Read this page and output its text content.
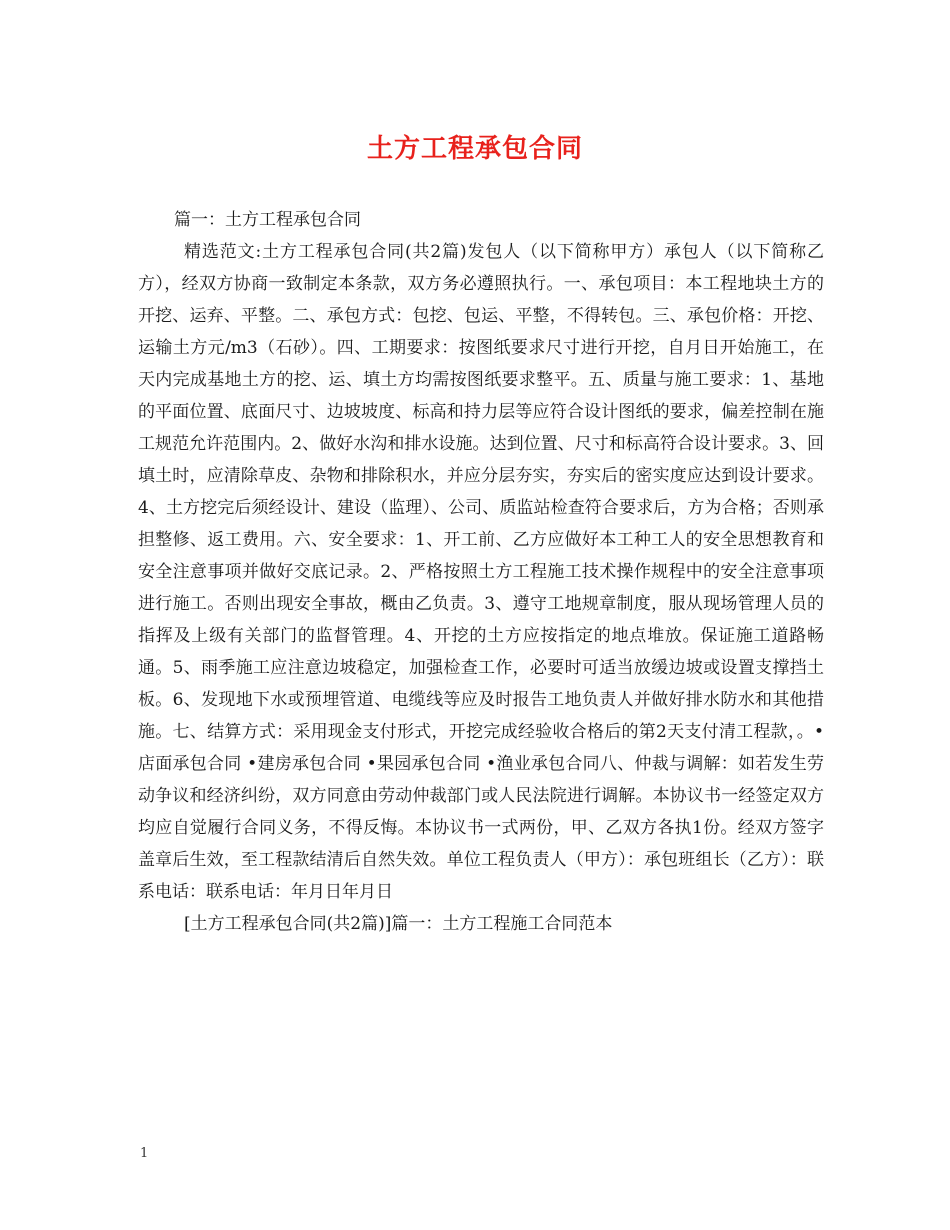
土方工程承包合同

篇一：土方工程承包合同

精选范文:土方工程承包合同(共2篇)发包人（以下简称甲方）承包人（以下简称乙方），经双方协商一致制定本条款，双方务必遵照执行。一、承包项目：本工程地块土方的开挖、运弃、平整。二、承包方式：包挖、包运、平整，不得转包。三、承包价格：开挖、运输土方元/m3（石砂）。四、工期要求：按图纸要求尺寸进行开挖，自月日开始施工，在天内完成基地土方的挖、运、填土方均需按图纸要求整平。五、质量与施工要求：1、基地的平面位置、底面尺寸、边坡坡度、标高和持力层等应符合设计图纸的要求，偏差控制在施工规范允许范围内。2、做好水沟和排水设施。达到位置、尺寸和标高符合设计要求。3、回填土时，应清除草皮、杂物和排除积水，并应分层夯实，夯实后的密实度应达到设计要求。4、土方挖完后须经设计、建设（监理）、公司、质监站检查符合要求后，方为合格；否则承担整修、返工费用。六、安全要求：1、开工前、乙方应做好本工种工人的安全思想教育和安全注意事项并做好交底记录。2、严格按照土方工程施工技术操作规程中的安全注意事项进行施工。否则出现安全事故，概由乙负责。3、遵守工地规章制度，服从现场管理人员的指挥及上级有关部门的监督管理。4、开挖的土方应按指定的地点堆放。保证施工道路畅通。5、雨季施工应注意边坡稳定，加强检查工作，必要时可适当放缓边坡或设置支撑挡土板。6、发现地下水或预埋管道、电缆线等应及时报告工地负责人并做好排水防水和其他措施。七、结算方式：采用现金支付形式，开挖完成经验收合格后的第2天支付清工程款，。•店面承包合同 •建房承包合同 •果园承包合同 •渔业承包合同八、仲裁与调解：如若发生劳动争议和经济纠纷，双方同意由劳动仲裁部门或人民法院进行调解。本协议书一经签定双方均应自觉履行合同义务，不得反悔。本协议书一式两份，甲、乙双方各执1份。经双方签字盖章后生效，至工程款结清后自然失效。单位工程负责人（甲方）：承包班组长（乙方）：联系电话：联系电话：年月日年月日

[土方工程承包合同(共2篇)]篇一：土方工程施工合同范本

1
